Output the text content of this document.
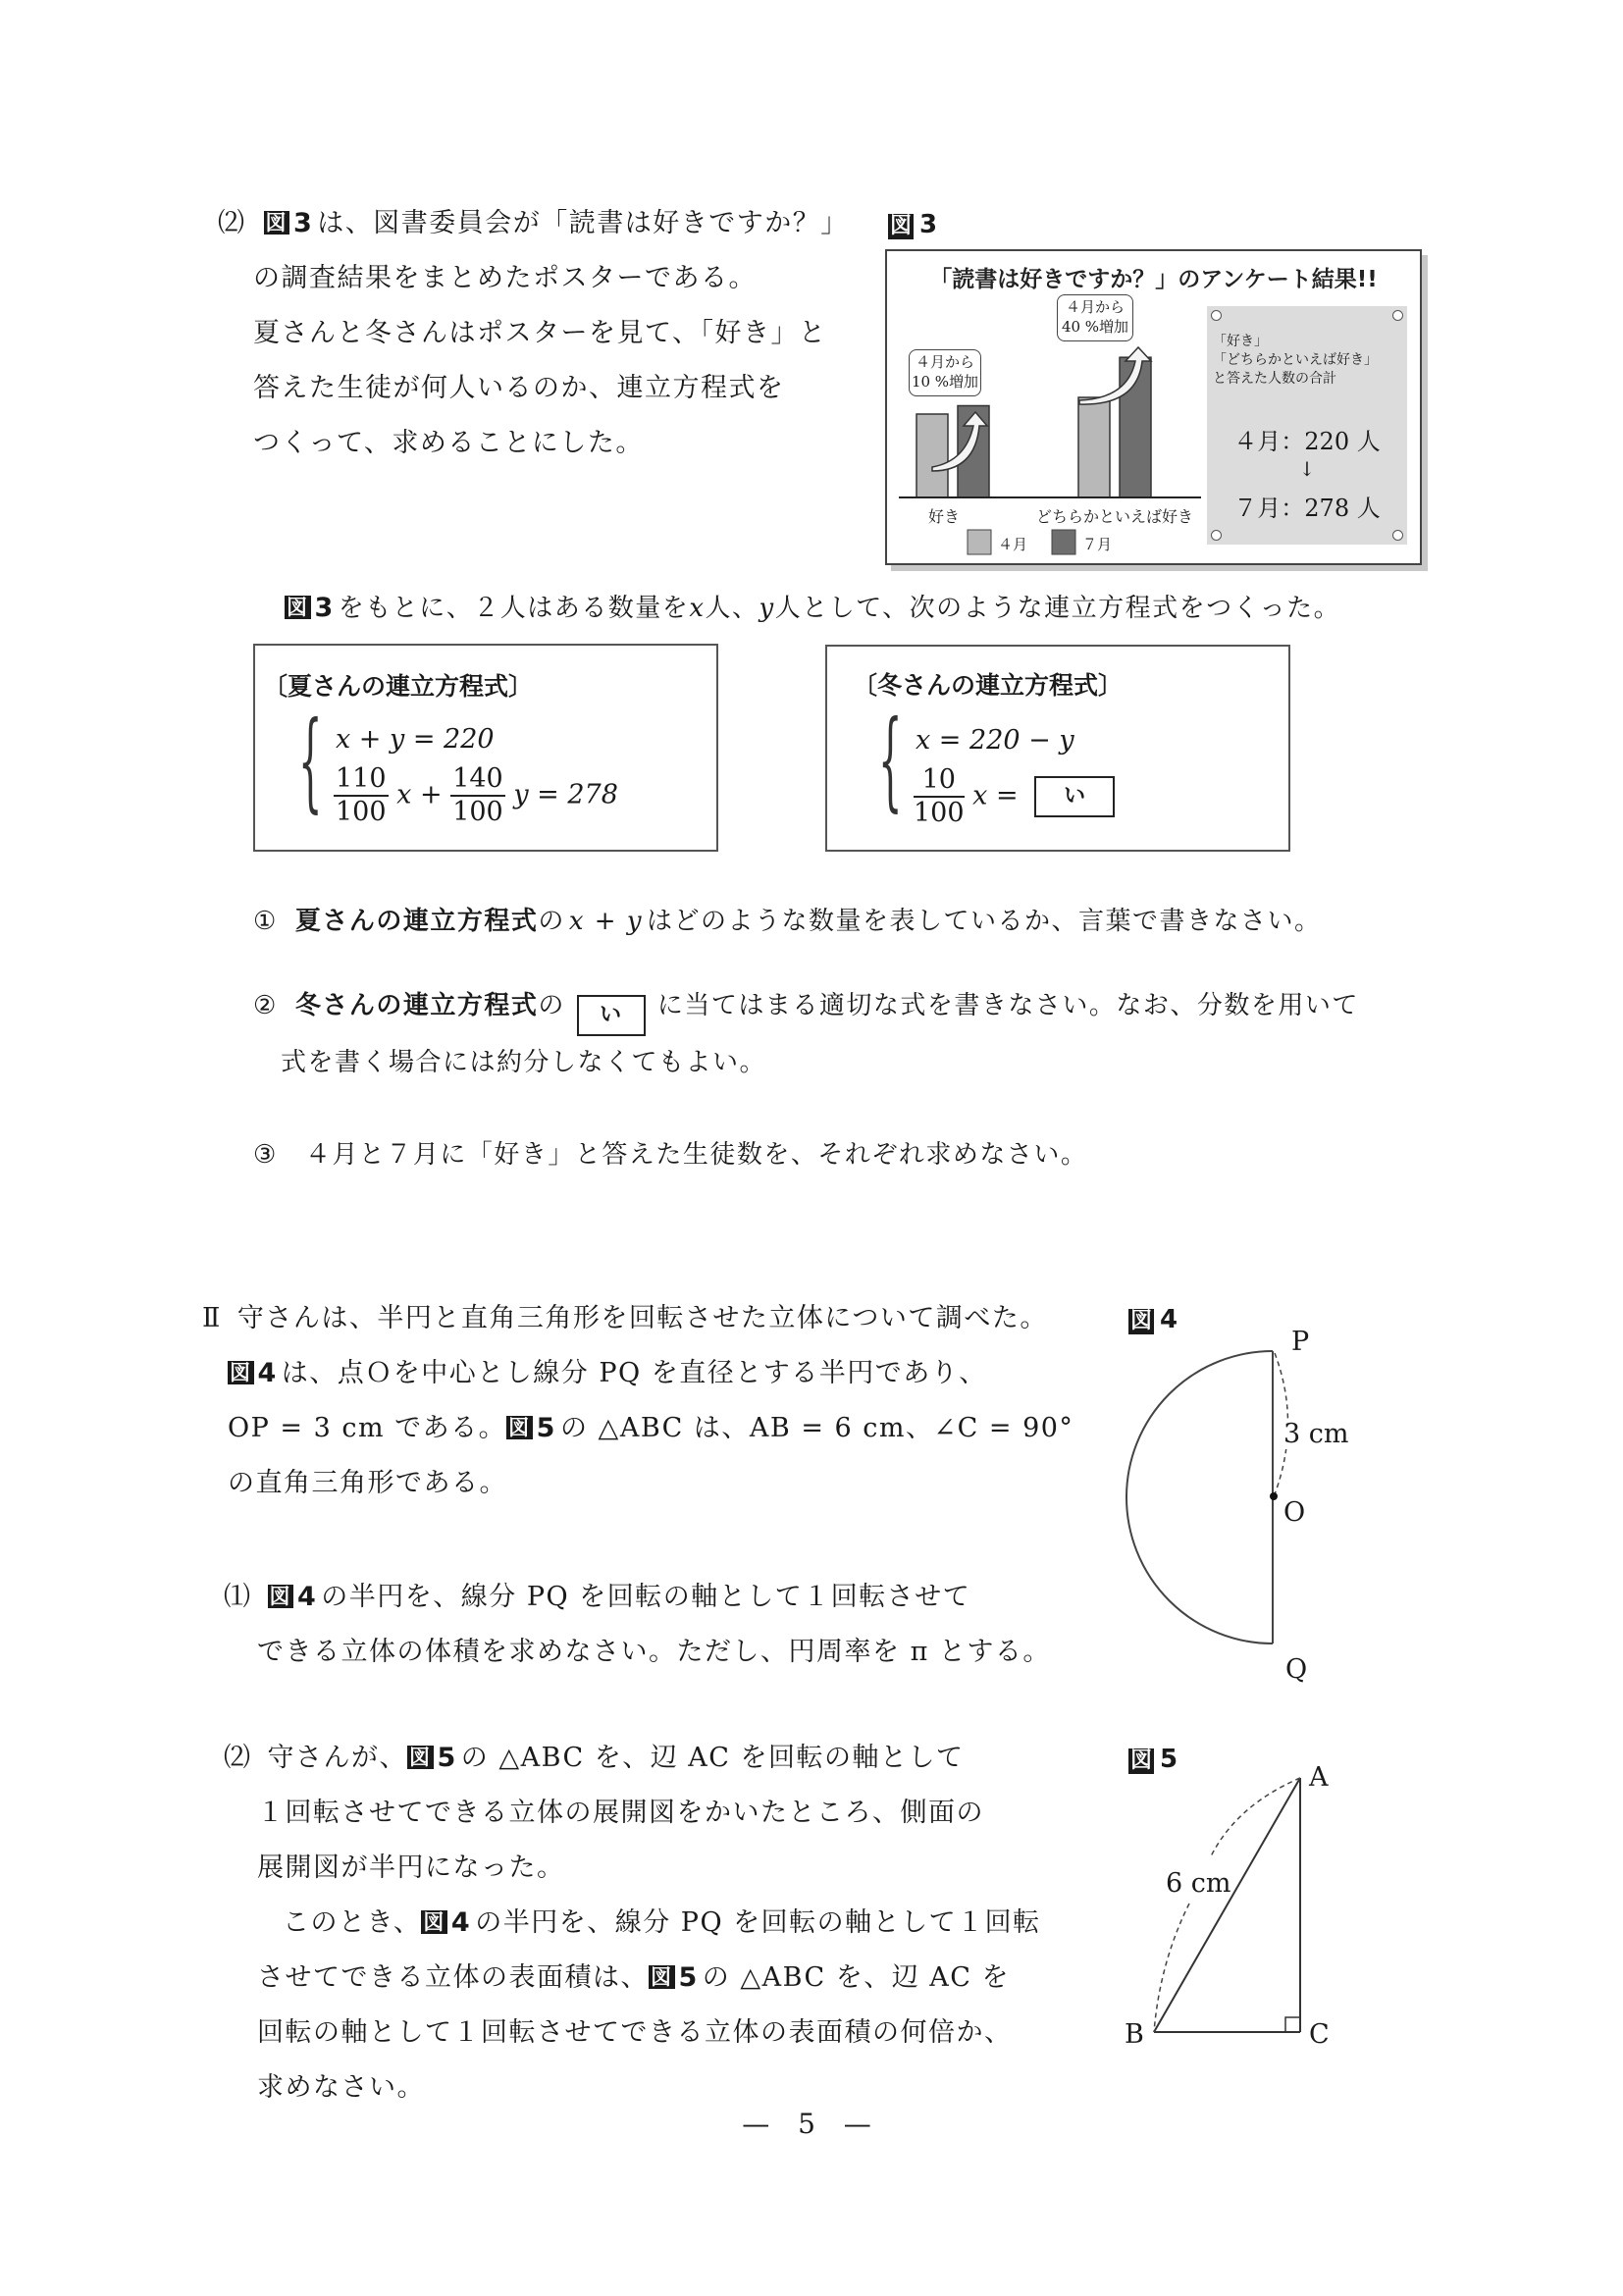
⑵ 図 3 は、図書委員会が「読書は好きですか？」
の調査結果をまとめたポスターである。
夏さんと冬さんはポスターを見て、「好き」と
答えた生徒が何人いるのか、連立方程式を
つくって、求めることにした。
図 3
「読書は好きですか？」のアンケート結果!!
４月から
10 %増加
４月から
40 %増加
好き	どちらかといえば好き
４月	７月
「好き」
「どちらかといえば好き」
と答えた人数の合計
４月：220 人
↓
７月：278 人
図 3 をもとに、２人はある数量をx人、y人として、次のような連立方程式をつくった。
〔夏さんの連立方程式〕
{ x + y = 220
$\frac{110}{100}$ $x + \frac{140}{100}$ y = 278
〔冬さんの連立方程式〕
{ x = 220 − y
$\frac{10}{100}$ x = い
① 夏さんの連立方程式の x + y はどのような数量を表しているか、言葉で書きなさい。
② 冬さんの連立方程式の い に当てはまる適切な式を書きなさい。なお、分数を用いて
式を書く場合には約分しなくてもよい。
③ ４月と７月に「好き」と答えた生徒数を、それぞれ求めなさい。
Ⅱ 守さんは、半円と直角三角形を回転させた立体について調べた。
図 4 は、点Ｏを中心とし線分 PQ を直径とする半円であり、
OP = 3 cm である。図 5 の △ABC は、AB = 6 cm、∠C = 90°
の直角三角形である。
⑴ 図 4 の半円を、線分 PQ を回転の軸として１回転させて
できる立体の体積を求めなさい。ただし、円周率を π とする。
⑵ 守さんが、図 5 の △ABC を、辺 AC を回転の軸として
１回転させてできる立体の展開図をかいたところ、側面の
展開図が半円になった。
このとき、図 4 の半円を、線分 PQ を回転の軸として１回転
させてできる立体の表面積は、図 5 の △ABC を、辺 AC を
回転の軸として１回転させてできる立体の表面積の何倍か、
求めなさい。
図 4
P
3 cm
O
Q
図 5
A
6 cm
B	C
— 5 —
